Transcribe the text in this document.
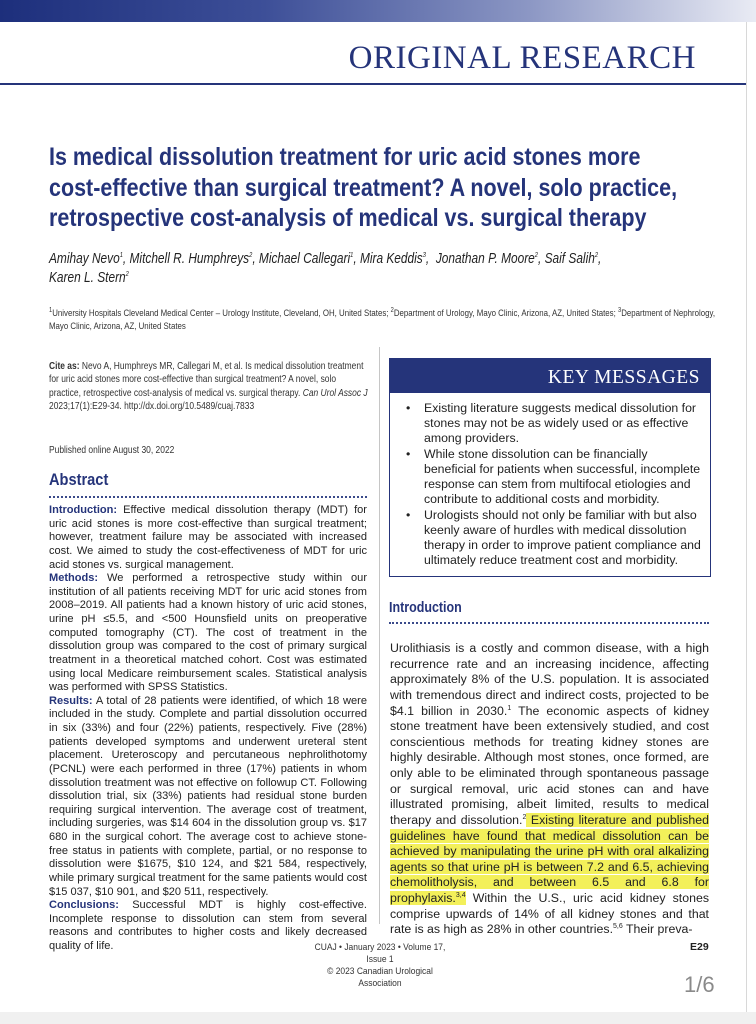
ORIGINAL RESEARCH
Is medical dissolution treatment for uric acid stones more
cost-effective than surgical treatment? A novel, solo practice,
retrospective cost-analysis of medical vs. surgical therapy
Amihay Nevo$^1$, Mitchell R. Humphreys$^2$, Michael Callegari$^1$, Mira Keddis$^3$,  Jonathan P. Moore$^2$, Saif Salih$^2$,
Karen L. Stern$^2$
$^1$University Hospitals Cleveland Medical Center – Urology Institute, Cleveland, OH, United States; $^2$Department of Urology, Mayo Clinic, Arizona, AZ, United States; $^3$Department of Nephrology, Mayo Clinic, Arizona, AZ, United States
Cite as: Nevo A, Humphreys MR, Callegari M, et al. Is medical dissolution treatment for uric acid stones more cost-effective than surgical treatment? A novel, solo practice, retrospective cost-analysis of medical vs. surgical therapy. Can Urol Assoc J 2023;17(1):E29-34. http://dx.doi.org/10.5489/cuaj.7833
Published online August 30, 2022
Abstract

Introduction: Effective medical dissolution therapy (MDT) for uric acid stones is more cost-effective than surgical treatment; however, treatment failure may be associated with increased cost. We aimed to study the cost-effectiveness of MDT for uric acid stones vs. surgical management.

Methods: We performed a retrospective study within our institution of all patients receiving MDT for uric acid stones from 2008–2019. All patients had a known history of uric acid stones, urine pH ≤5.5, and <500 Hounsfield units on preoperative computed tomography (CT). The cost of treatment in the dissolution group was compared to the cost of primary surgical treatment in a theoretical matched cohort. Cost was estimated using local Medicare reimbursement scales. Statistical analysis was performed with SPSS Statistics.

Results: A total of 28 patients were identified, of which 18 were included in the study. Complete and partial dissolution occurred in six (33%) and four (22%) patients, respectively. Five (28%) patients developed symptoms and underwent ureteral stent placement. Ureteroscopy and percutaneous nephrolithotomy (PCNL) were each performed in three (17%) patients in whom dissolution treatment was not effective on followup CT. Following dissolution trial, six (33%) patients had residual stone burden requiring surgical intervention. The average cost of treatment, including surgeries, was $14 604 in the dissolution group vs. $17 680 in the surgical cohort. The average cost to achieve stone-free status in patients with complete, partial, or no response to dissolution were $1675, $10 124, and $21 584, respectively, while primary surgical treatment for the same patients would cost $15 037, $10 901, and $20 511, respectively.

Conclusions: Successful MDT is highly cost-effective. Incomplete response to dissolution can stem from several reasons and contributes to higher costs and likely decreased quality of life.

KEY MESSAGES
• Existing literature suggests medical dissolution for stones may not be as widely used or as effective among providers.
• While stone dissolution can be financially beneficial for patients when successful, incomplete response can stem from multifocal etiologies and contribute to additional costs and morbidity.
• Urologists should not only be familiar with but also keenly aware of hurdles with medical dissolution therapy in order to improve patient compliance and ultimately reduce treatment cost and morbidity.
Introduction
Urolithiasis is a costly and common disease, with a high recurrence rate and an increasing incidence, affecting approximately 8% of the U.S. population. It is associated with tremendous direct and indirect costs, projected to be $4.1 billion in 2030.$^1$ The economic aspects of kidney stone treatment have been extensively studied, and cost conscientious methods for treating kidney stones are highly desirable. Although most stones, once formed, are only able to be eliminated through spontaneous passage or surgical removal, uric acid stones can and have illustrated promising, albeit limited, results to medical therapy and dissolution.$^2$ Existing literature and published guidelines have found that medical dissolution can be achieved by manipulating the urine pH with oral alkalizing agents so that urine pH is between 7.2 and 6.5, achieving chemolitholysis, and between 6.5 and 6.8 for prophylaxis.$^{3,4}$ Within the U.S., uric acid kidney stones comprise upwards of 14% of all kidney stones and that rate is as high as 28% in other countries.$^{5,6}$ Their preva-
CUAJ • January 2023 • Volume 17, Issue 1
© 2023 Canadian Urological Association
E29
1/6
